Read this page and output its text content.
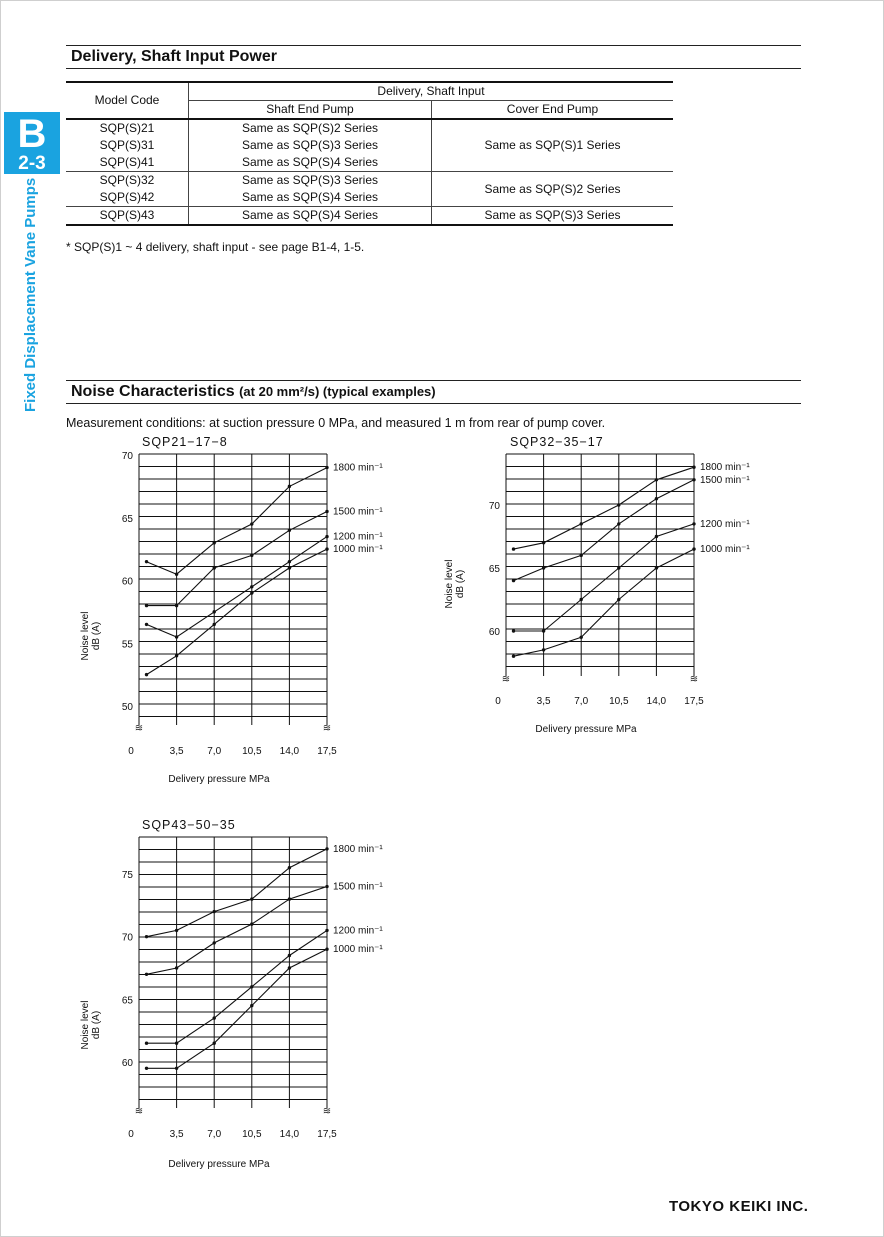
B
2-3
Fixed Displacement Vane Pumps
Delivery, Shaft Input Power
Model Code	Delivery, Shaft Input	
	Shaft End Pump	Cover End Pump
SQP(S)21	Same as SQP(S)2 Series	Same as SQP(S)1 Series
SQP(S)31	Same as SQP(S)3 Series	
SQP(S)41	Same as SQP(S)4 Series	
SQP(S)32	Same as SQP(S)3 Series	Same as SQP(S)2 Series
SQP(S)42	Same as SQP(S)4 Series	
SQP(S)43	Same as SQP(S)4 Series	Same as SQP(S)3 Series
* SQP(S)1 ~ 4 delivery, shaft input - see page B1-4, 1-5.
Noise Characteristics (at 20 mm²/s) (typical examples)
Measurement conditions: at suction pressure 0 MPa, and measured 1 m from rear of pump cover.
≋	≋
SQP21−17−8
50
55
60
65
70
0	3,5 7,0 10,5 14,0 17,5
Delivery pressure MPa
Noise leveldB (A)
1800 min⁻¹
1500 min⁻¹
1200 min⁻¹
1000 min⁻¹
≋	≋
SQP32−35−17
60
65
70
0	3,5 7,0 10,5 14,0 17,5
Delivery pressure MPa
Noise leveldB (A)
1800 min⁻¹
1500 min⁻¹
1200 min⁻¹
1000 min⁻¹
≋	≋
SQP43−50−35
60
65
70
75
0	3,5 7,0 10,5 14,0 17,5
Delivery pressure MPa
Noise leveldB (A)
1800 min⁻¹
1500 min⁻¹
1200 min⁻¹
1000 min⁻¹
TOKYO KEIKI INC.
